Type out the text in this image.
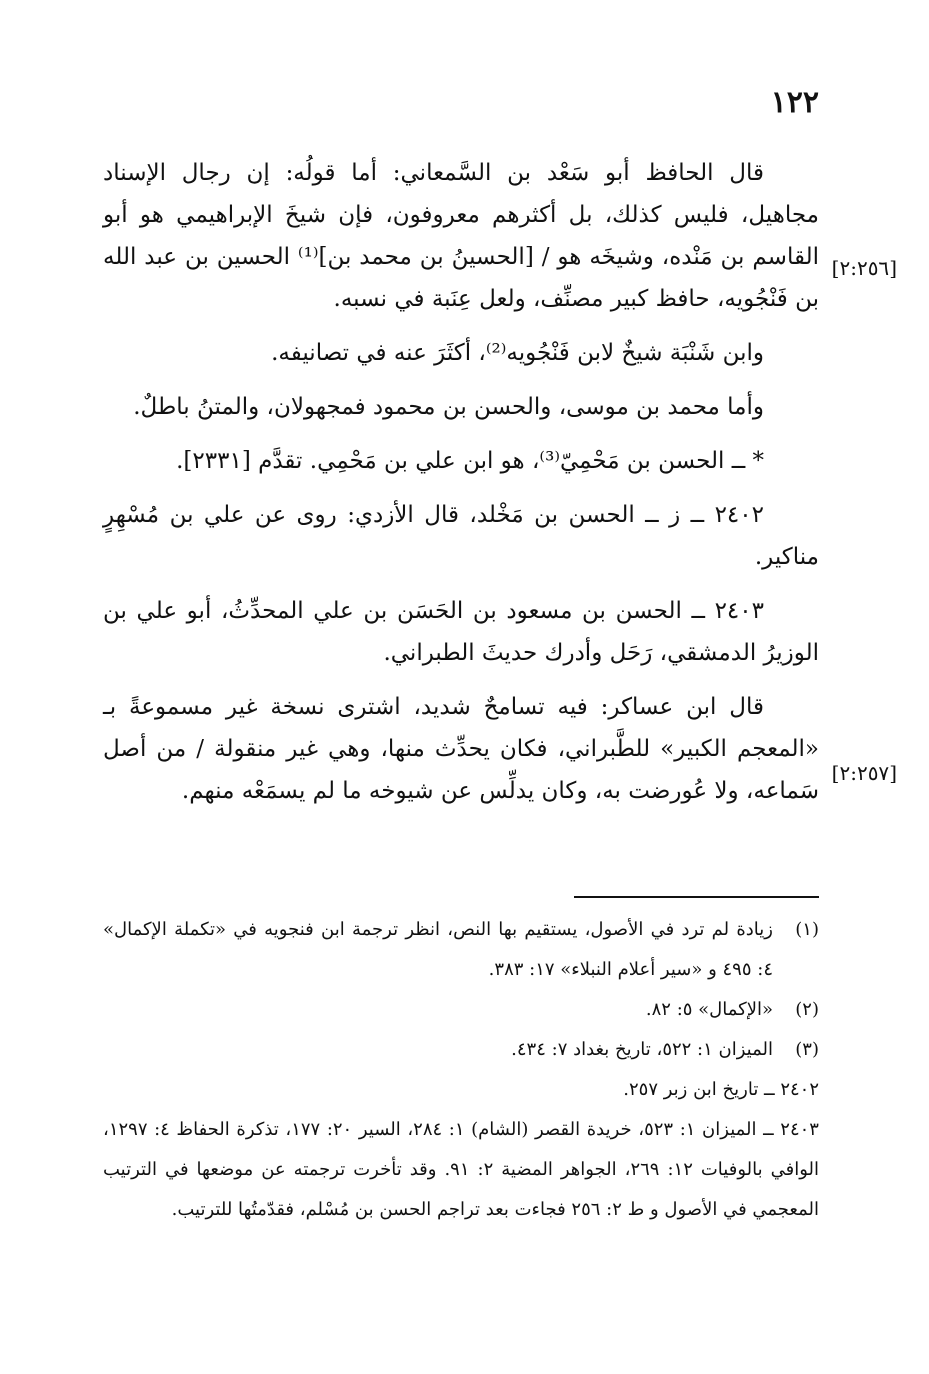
١٢٢
[٢:٢٥٦]
[٢:٢٥٧]

قال الحافظ أبو سَعْد بن السَّمعاني: أما قولُه: إن رجال الإسناد مجاهيل، فليس كذلك، بل أكثرهم معروفون، فإن شيخَ الإبراهيمي هو أبو القاسم بن مَنْده، وشيخَه هو / [الحسينُ بن محمد بن]⁽¹⁾ الحسين بن عبد الله بن فَنْجُويه، حافظ كبير مصنِّف، ولعل عِنَبة في نسبه.

وابن شَنْبَة شيخٌ لابن فَنْجُويه⁽²⁾، أكثَرَ عنه في تصانيفه.

وأما محمد بن موسى، والحسن بن محمود فمجهولان، والمتنُ باطلٌ.

* ــ الحسن بن مَحْمِيّ⁽³⁾، هو ابن علي بن مَحْمِي. تقدَّم [٢٣٣١].

٢٤٠٢ ــ ز ــ الحسن بن مَخْلد، قال الأزدي: روى عن علي بن مُسْهِرٍ مناكير.

٢٤٠٣ ــ الحسن بن مسعود بن الحَسَن بن علي المحدِّثُ، أبو علي بن الوزيرُ الدمشقي، رَحَل وأدرك حديثَ الطبراني.

قال ابن عساكر: فيه تسامحٌ شديد، اشترى نسخة غير مسموعةً بـ «المعجم الكبير» للطَّبراني، فكان يحدِّث منها، وهي غير منقولة / من أصل سَماعه، ولا عُورضت به، وكان يدلِّس عن شيوخه ما لم يسمَعْه منهم.

(١)
زيادة لم ترد في الأصول، يستقيم بها النص، انظر ترجمة ابن فنجويه في «تكملة الإكمال» ٤: ٤٩٥ و «سير أعلام النبلاء» ١٧: ٣٨٣.

(٢)
«الإكمال» ٥: ٨٢.

(٣)
الميزان ١: ٥٢٢، تاريخ بغداد ٧: ٤٣٤.

٢٤٠٢ ــ تاريخ ابن زبر ٢٥٧.

٢٤٠٣ ــ الميزان ١: ٥٢٣، خريدة القصر (الشام) ١: ٢٨٤، السير ٢٠: ١٧٧، تذكرة الحفاظ ٤: ١٢٩٧، الوافي بالوفيات ١٢: ٢٦٩، الجواهر المضية ٢: ٩١. وقد تأخرت ترجمته عن موضعها في الترتيب المعجمي في الأصول و ط ٢: ٢٥٦ فجاءت بعد تراجم الحسن بن مُسْلم، فقدّمتُها للترتيب.
